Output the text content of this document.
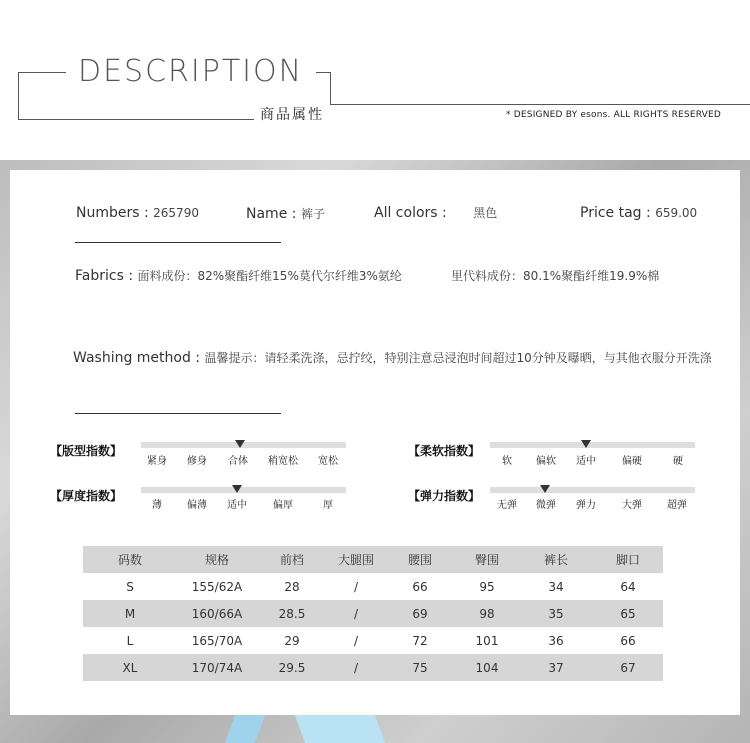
DESCRIPTION
商品属性	* DESIGNED BY esons. ALL RIGHTS RESERVED
Numbers : 265790	Name : 裤子	All colors : 黑色	Price tag : 659.00
Fabrics : 面料成份：82%聚酯纤维15%莫代尔纤维3%氨纶	里代料成份：80.1%聚酯纤维19.9%棉
Washing method : 温馨提示：请轻柔洗涤，忌拧绞，特别注意忌浸泡时间超过10分钟及曝晒，与其他衣服分开洗涤
【版型指数】
紧身 修身 合体 稍宽松 宽松
【柔软指数】
软 偏软 适中	偏硬	硬
【厚度指数】
薄	偏薄 适中	偏厚	厚
【弹力指数】
无弹 微弹 弹力	大弹	超弹
码数	规格	前档	大腿围	腰围	臀围	裤长	脚口
S	155/62A	28	/	66	95	34	64
M	160/66A	28.5	/	69	98	35	65
L	165/70A	29	/	72	101	36	66
XL	170/74A	29.5	/	75	104	37	67
